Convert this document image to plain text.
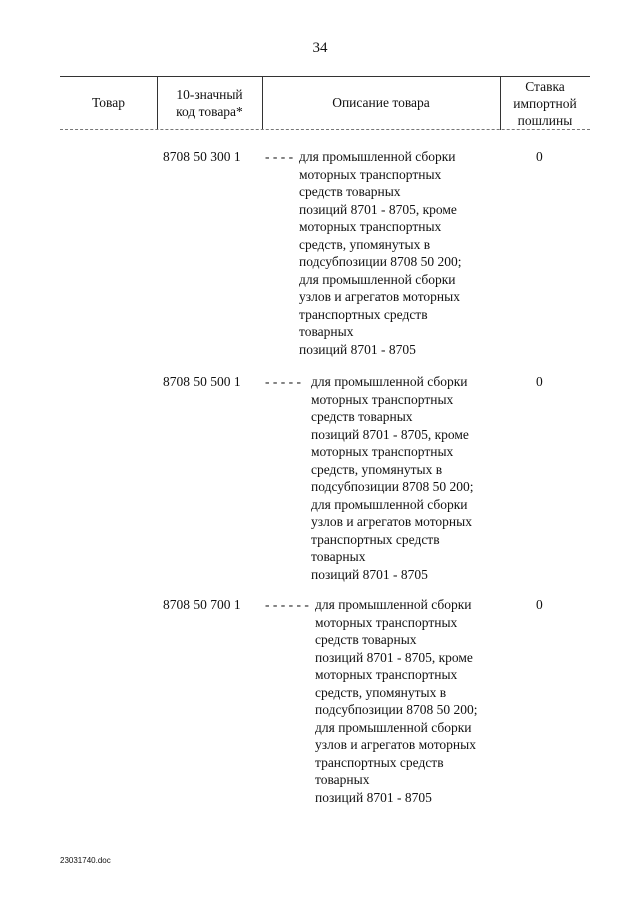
34
Товар
10-значный
код товара*
Описание товара
Ставка
импортной
пошлины
8708 50 300 1 - - - - для промышленной сборки
моторных транспортных
средств товарных
позиций 8701 - 8705, кроме
моторных транспортных
средств, упомянутых в
подсубпозиции 8708 50 200;
для промышленной сборки
узлов и агрегатов моторных
транспортных средств
товарных
позиций 8701 - 8705
0
8708 50 500 1 - - - - - для промышленной сборки
моторных транспортных
средств товарных
позиций 8701 - 8705, кроме
моторных транспортных
средств, упомянутых в
подсубпозиции 8708 50 200;
для промышленной сборки
узлов и агрегатов моторных
транспортных средств
товарных
позиций 8701 - 8705
0
8708 50 700 1 - - - - - - для промышленной сборки
моторных транспортных
средств товарных
позиций 8701 - 8705, кроме
моторных транспортных
средств, упомянутых в
подсубпозиции 8708 50 200;
для промышленной сборки
узлов и агрегатов моторных
транспортных средств
товарных
позиций 8701 - 8705
0
23031740.doc
